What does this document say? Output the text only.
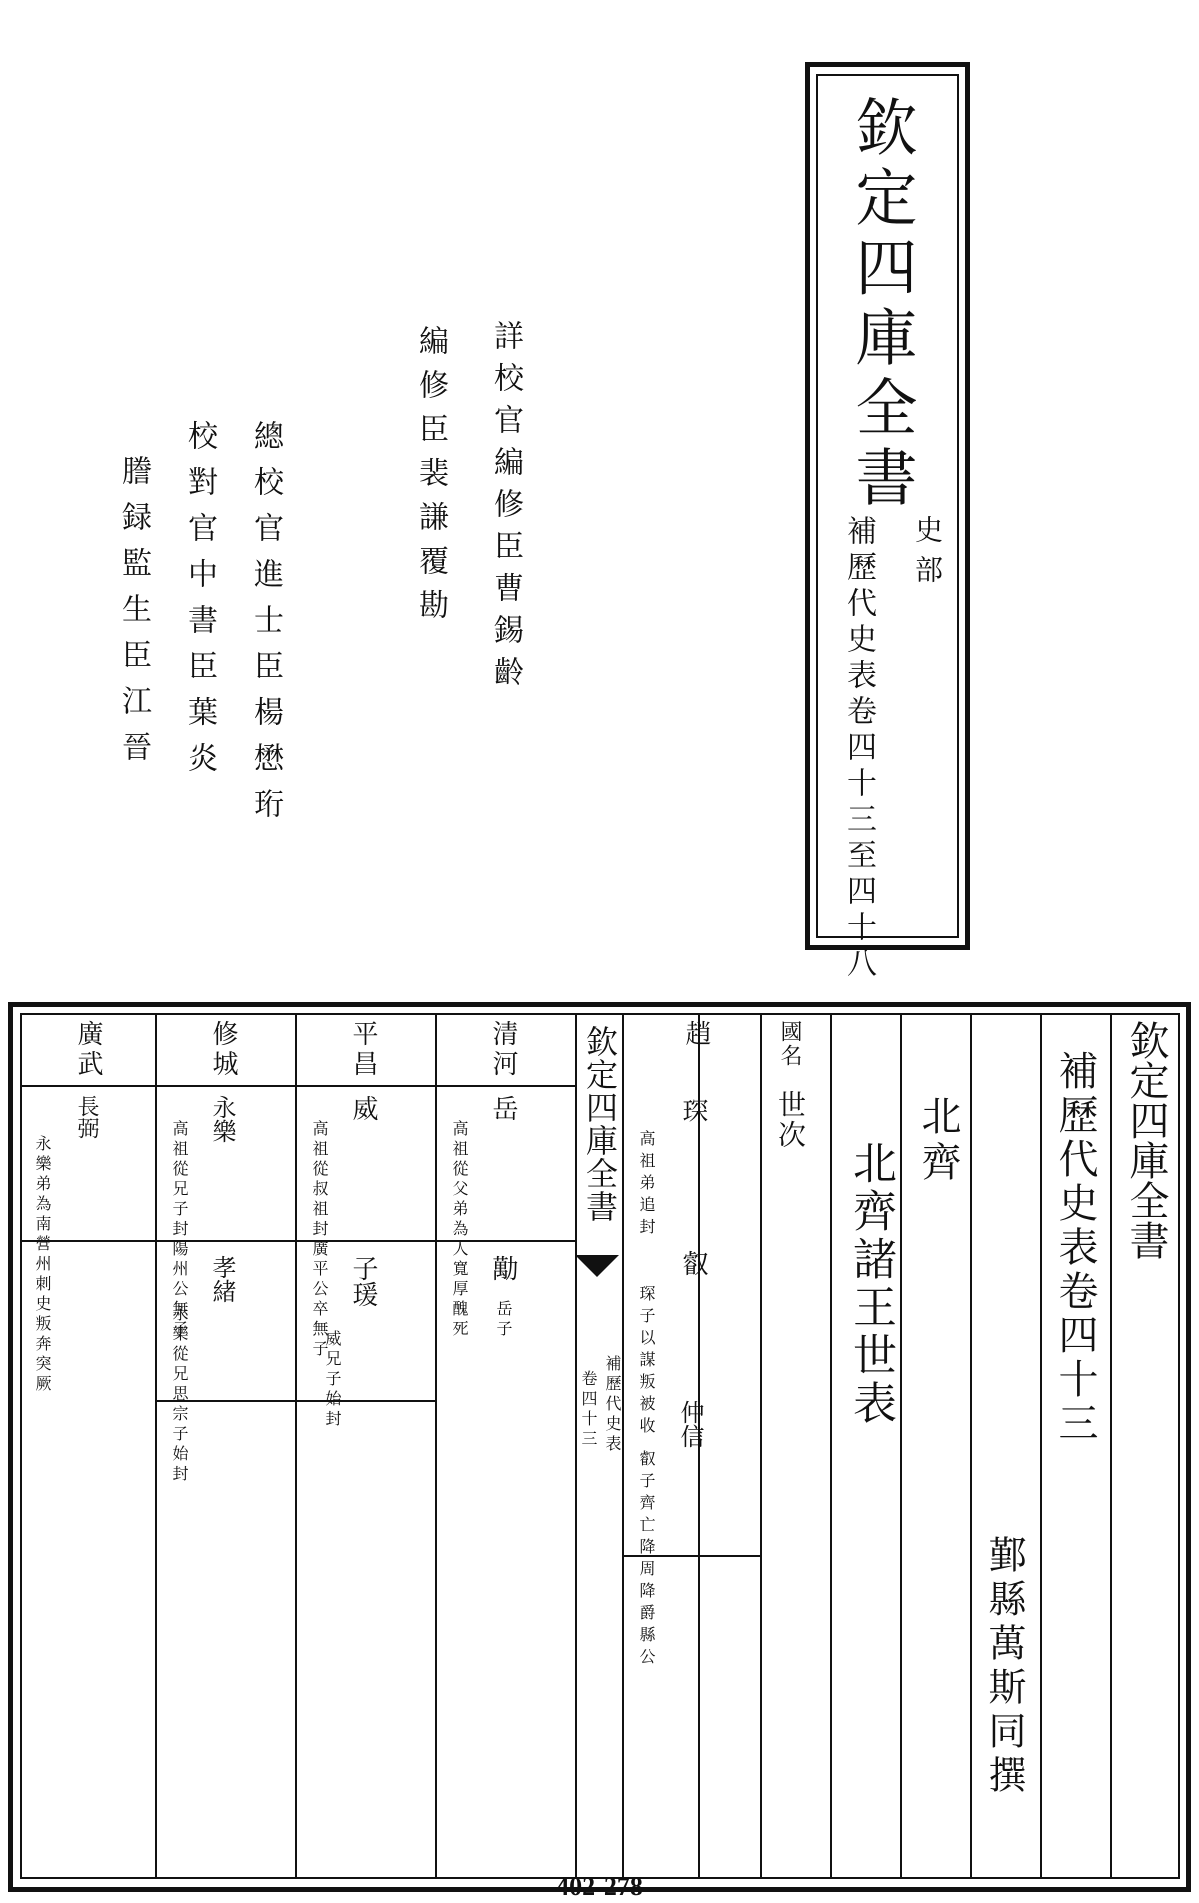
欽定四庫全書
史部
補歷代史表卷四十三至四十八
詳校官編修臣曹錫齡
編修臣裴謙覆勘
總校官進士臣楊懋珩
校對官中書臣葉炎
謄録監生臣江晉
欽定四庫全書
補歷代史表
卷四十三
欽定四庫全書
補歷代史表卷四十三
鄞縣萬斯同撰
北齊
北齊諸王世表
國名
世次
趙
琛
高祖弟追封
叡
琛子以謀叛被收 仲信
叡子齊亡降周降爵縣公
清河
岳
高祖從父弟為人寬厚醜死 勱
岳子
平昌
威
高祖從叔祖封廣平公卒無子 子瑗
威兄子始封
修城
永樂
高祖從兄子封陽州公無子 孝緒
永樂從兄思宗子始封
廣武
長弼
永樂弟為南營州刺史叛奔突厥
402-278
